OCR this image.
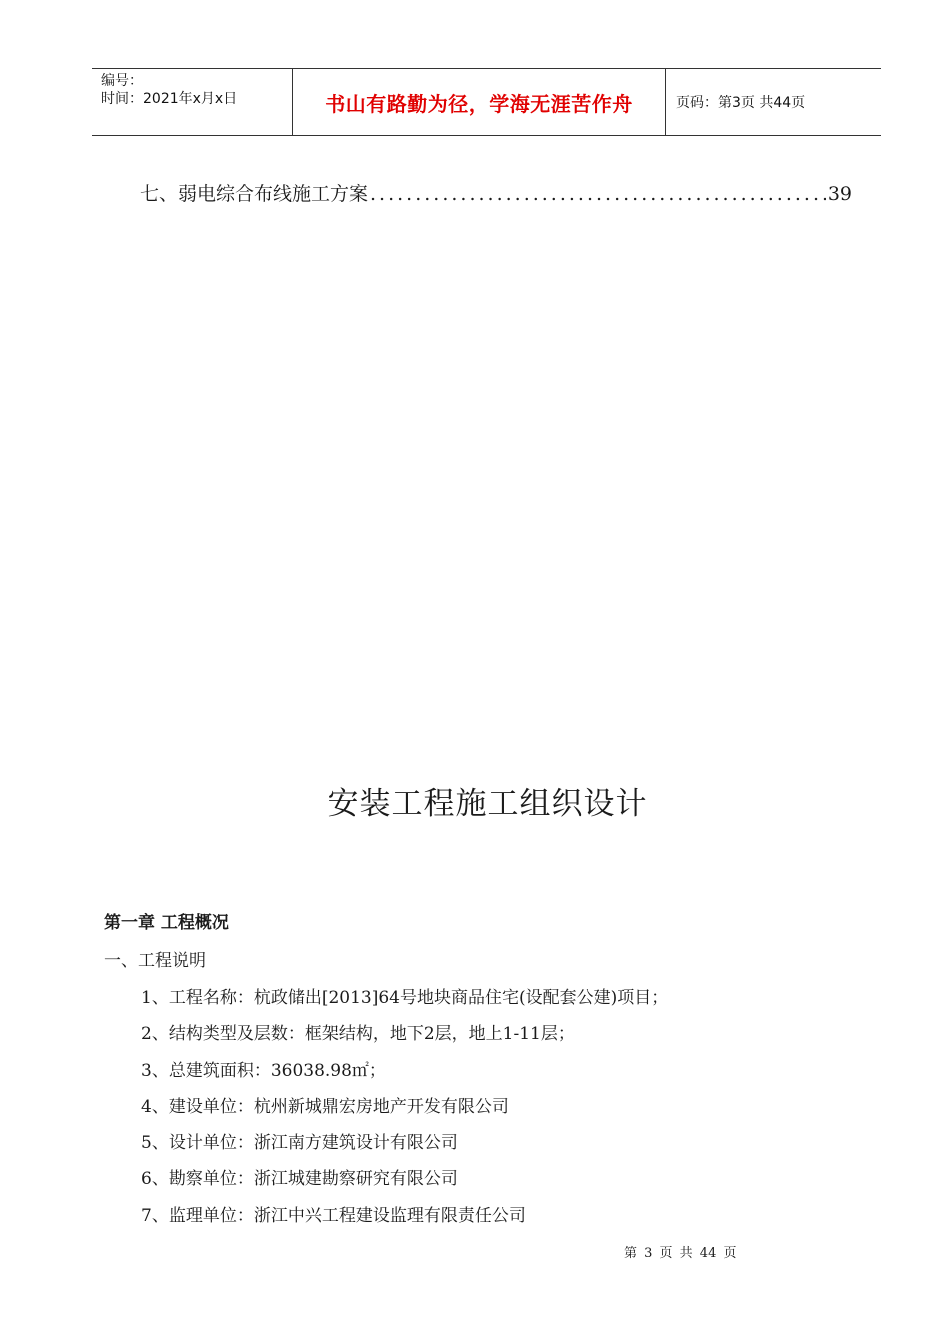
编号：
时间：2021年x月x日	书山有路勤为径，学海无涯苦作舟	页码：第3页 共44页
七、弱电综合布线施工方案
.....	39
安装工程施工组织设计
第一章 工程概况
一、工程说明
1、工程名称：杭政储出[2013]64号地块商品住宅(设配套公建)项目；
2、结构类型及层数：框架结构，地下2层，地上1-11层；
3、总建筑面积：36038.98㎡；
4、建设单位：杭州新城鼎宏房地产开发有限公司
5、设计单位：浙江南方建筑设计有限公司
6、勘察单位：浙江城建勘察研究有限公司
7、监理单位：浙江中兴工程建设监理有限责任公司
第 3 页 共 44 页
